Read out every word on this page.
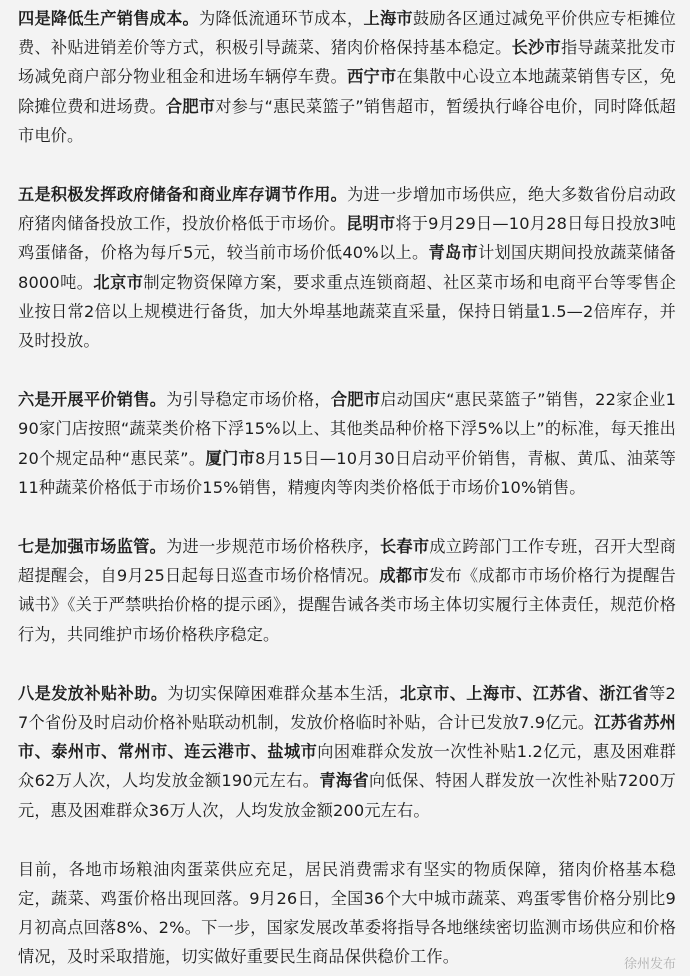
四是降低生产销售成本。为降低流通环节成本，上海市鼓励各区通过减免平价供应专柜摊位费、补贴进销差价等方式，积极引导蔬菜、猪肉价格保持基本稳定。长沙市指导蔬菜批发市场减免商户部分物业租金和进场车辆停车费。西宁市在集散中心设立本地蔬菜销售专区，免除摊位费和进场费。合肥市对参与“惠民菜篮子”销售超市，暂缓执行峰谷电价，同时降低超市电价。

五是积极发挥政府储备和商业库存调节作用。为进一步增加市场供应，绝大多数省份启动政府猪肉储备投放工作，投放价格低于市场价。昆明市将于9月29日—10月28日每日投放3吨鸡蛋储备，价格为每斤5元，较当前市场价低40%以上。青岛市计划国庆期间投放蔬菜储备8000吨。北京市制定物资保障方案，要求重点连锁商超、社区菜市场和电商平台等零售企业按日常2倍以上规模进行备货，加大外埠基地蔬菜直采量，保持日销量1.5—2倍库存，并及时投放。

六是开展平价销售。为引导稳定市场价格，合肥市启动国庆“惠民菜篮子”销售，22家企业190家门店按照“蔬菜类价格下浮15%以上、其他类品种价格下浮5%以上”的标准，每天推出20个规定品种“惠民菜”。厦门市8月15日—10月30日启动平价销售，青椒、黄瓜、油菜等11种蔬菜价格低于市场价15%销售，精瘦肉等肉类价格低于市场价10%销售。

七是加强市场监管。为进一步规范市场价格秩序，长春市成立跨部门工作专班，召开大型商超提醒会，自9月25日起每日巡查市场价格情况。成都市发布《成都市市场价格行为提醒告诫书》《关于严禁哄抬价格的提示函》，提醒告诫各类市场主体切实履行主体责任，规范价格行为，共同维护市场价格秩序稳定。

八是发放补贴补助。为切实保障困难群众基本生活，北京市、上海市、江苏省、浙江省等27个省份及时启动价格补贴联动机制，发放价格临时补贴，合计已发放7.9亿元。江苏省苏州市、泰州市、常州市、连云港市、盐城市向困难群众发放一次性补贴1.2亿元，惠及困难群众62万人次，人均发放金额190元左右。青海省向低保、特困人群发放一次性补贴7200万元，惠及困难群众36万人次，人均发放金额200元左右。

目前，各地市场粮油肉蛋菜供应充足，居民消费需求有坚实的物质保障，猪肉价格基本稳定，蔬菜、鸡蛋价格出现回落。9月26日，全国36个大中城市蔬菜、鸡蛋零售价格分别比9月初高点回落8%、2%。下一步，国家发展改革委将指导各地继续密切监测市场供应和价格情况，及时采取措施，切实做好重要民生商品保供稳价工作。	徐州发布
